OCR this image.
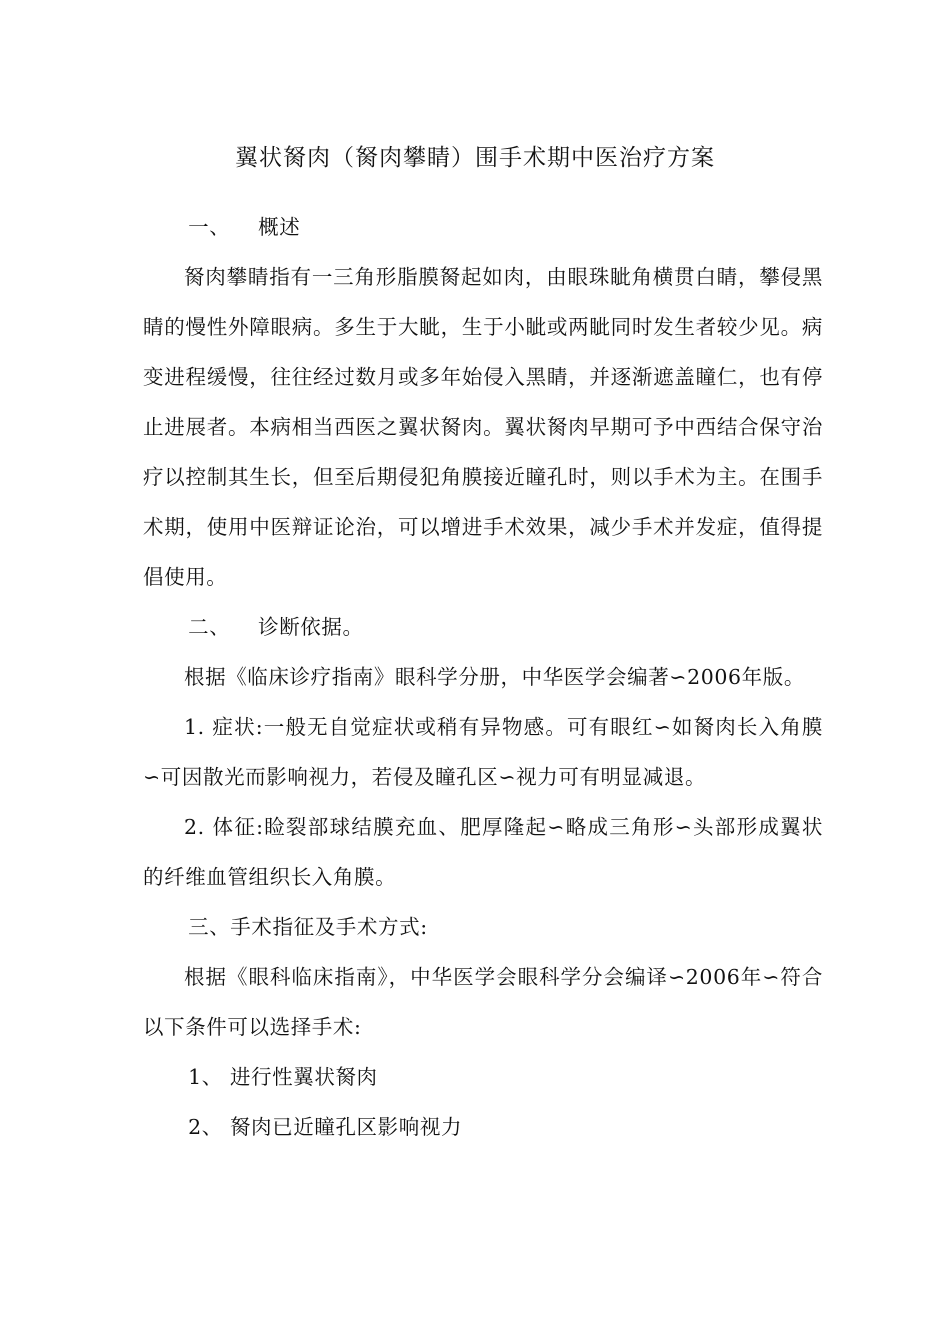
翼状胬肉（胬肉攀睛）围手术期中医治疗方案

一、 概述

胬肉攀睛指有一三角形脂膜胬起如肉，由眼珠眦角横贯白睛，攀侵黑睛的慢性外障眼病。多生于大眦，生于小眦或两眦同时发生者较少见。病变进程缓慢，往往经过数月或多年始侵入黑睛，并逐渐遮盖瞳仁，也有停止进展者。本病相当西医之翼状胬肉。翼状胬肉早期可予中西结合保守治疗以控制其生长，但至后期侵犯角膜接近瞳孔时，则以手术为主。在围手术期，使用中医辩证论治，可以增进手术效果，减少手术并发症，值得提倡使用。

二、 诊断依据。

根据《临床诊疗指南》眼科学分册，中华医学会编著∽2006年版。

1. 症状:一般无自觉症状或稍有异物感。可有眼红∽如胬肉长入角膜∽可因散光而影响视力，若侵及瞳孔区∽视力可有明显减退。

2. 体征:睑裂部球结膜充血、肥厚隆起∽略成三角形∽头部形成翼状的纤维血管组织长入角膜。

三、手术指征及手术方式:

根据《眼科临床指南》，中华医学会眼科学分会编译∽2006年∽符合以下条件可以选择手术:

1、 进行性翼状胬肉

2、 胬肉已近瞳孔区影响视力
